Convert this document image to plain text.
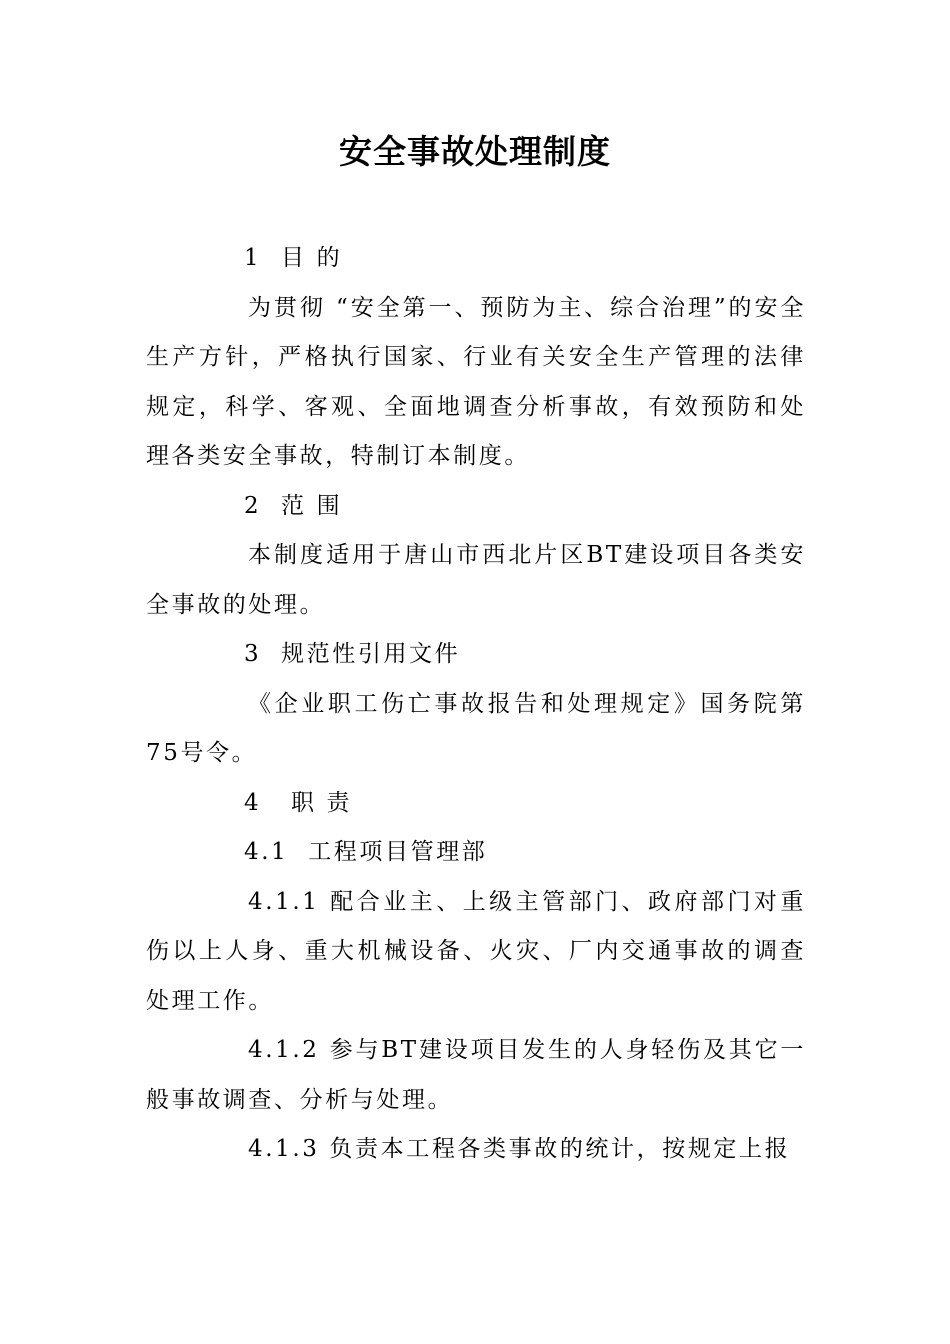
安全事故处理制度

1  目 的

为贯彻 “安全第一、预防为主、综合治理”的安全生产方针，严格执行国家、行业有关安全生产管理的法律规定，科学、客观、全面地调查分析事故，有效预防和处理各类安全事故，特制订本制度。

2  范 围

本制度适用于唐山市西北片区BT建设项目各类安全事故的处理。

3  规范性引用文件

《企业职工伤亡事故报告和处理规定》国务院第75号令。

4   职 责

4.1  工程项目管理部

4.1.1 配合业主、上级主管部门、政府部门对重伤以上人身、重大机械设备、火灾、厂内交通事故的调查处理工作。

4.1.2 参与BT建设项目发生的人身轻伤及其它一般事故调查、分析与处理。

4.1.3 负责本工程各类事故的统计，按规定上报
